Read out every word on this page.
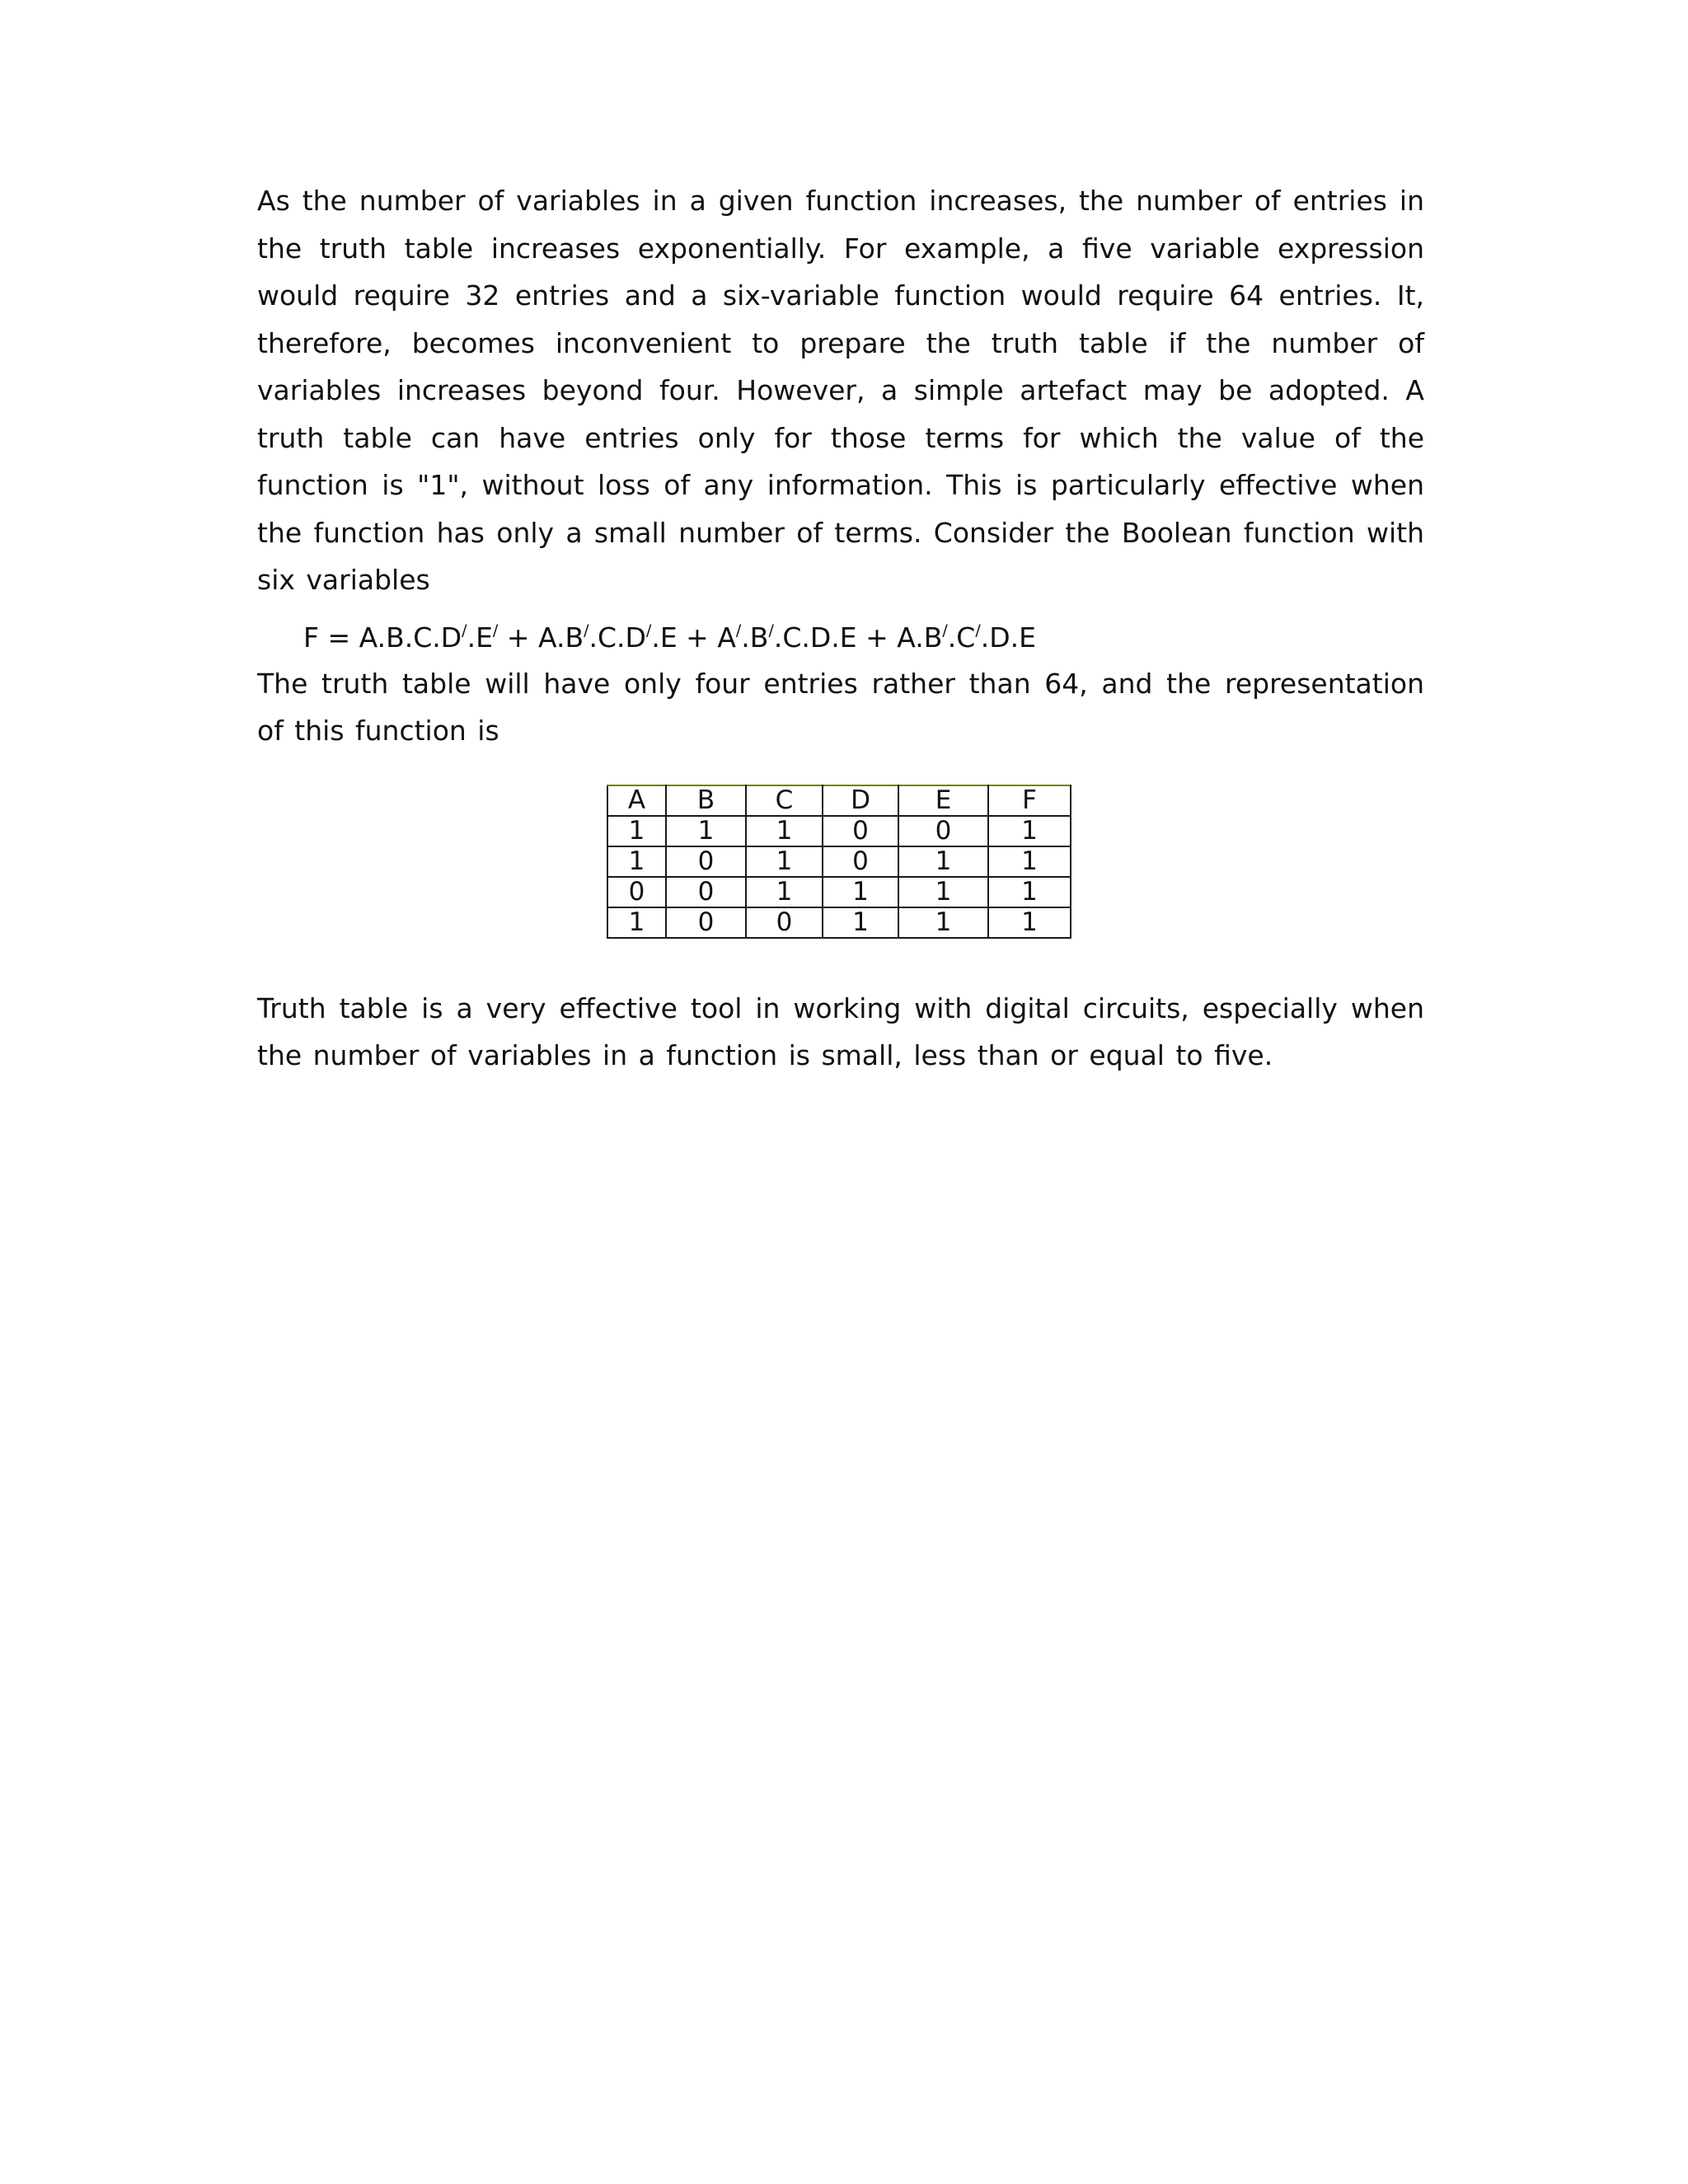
As the number of variables in a given function increases, the number of entries in the truth table increases exponentially. For example, a five variable expression would require 32 entries and a six-variable function would require 64 entries. It, therefore, becomes inconvenient to prepare the truth table if the number of variables increases beyond four. However, a simple artefact may be adopted. A truth table can have entries only for those terms for which the value of the function is "1", without loss of any information. This is particularly effective when the function has only a small number of terms. Consider the Boolean function with six variables

F = A.B.C.D/.E/ + A.B/.C.D/.E + A/.B/.C.D.E + A.B/.C/.D.E

The truth table will have only four entries rather than 64, and the representation of this function is

A	B	C	D	E	F
1	1	1	0	0	1
1	0	1	0	1	1
0	0	1	1	1	1
1	0	0	1	1	1

Truth table is a very effective tool in working with digital circuits, especially when the number of variables in a function is small, less than or equal to five.
